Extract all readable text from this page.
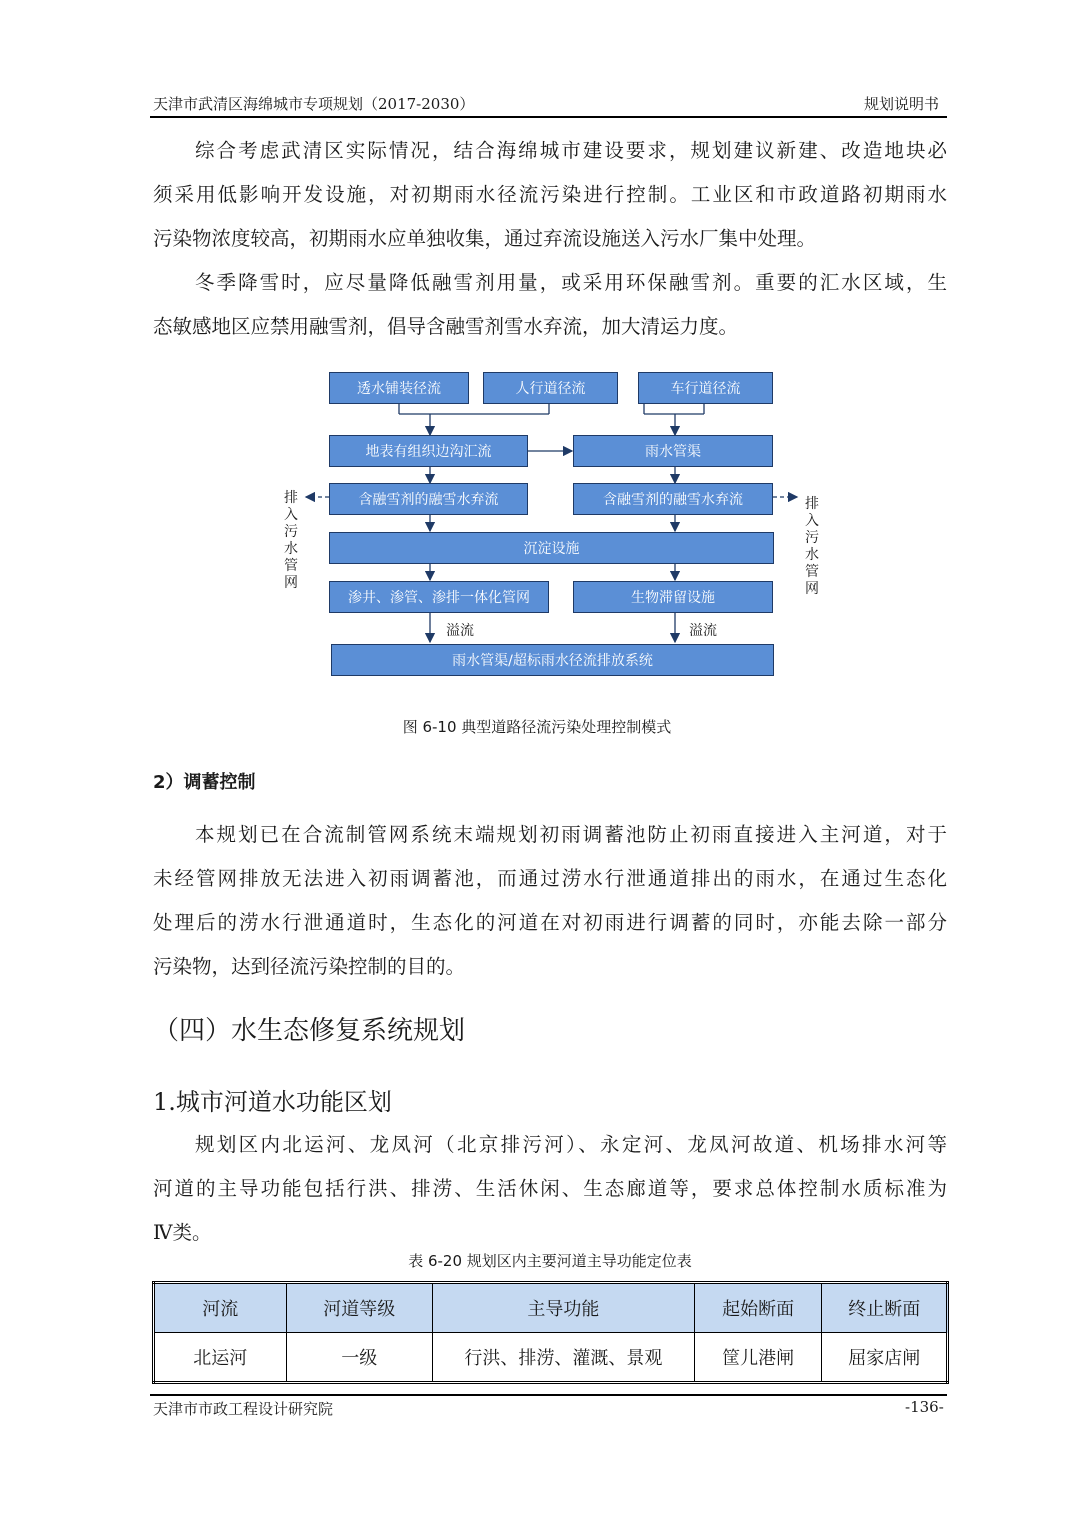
天津市武清区海绵城市专项规划（2017-2030）	规划说明书
综合考虑武清区实际情况，结合海绵城市建设要求，规划建议新建、改造地块必
须采用低影响开发设施，对初期雨水径流污染进行控制。工业区和市政道路初期雨水
污染物浓度较高，初期雨水应单独收集，通过弃流设施送入污水厂集中处理。
冬季降雪时，应尽量降低融雪剂用量，或采用环保融雪剂。重要的汇水区域，生
态敏感地区应禁用融雪剂，倡导含融雪剂雪水弃流，加大清运力度。
透水铺装径流	人行道径流	车行道径流
地表有组织边沟汇流	雨水管渠
含融雪剂的融雪水弃流	含融雪剂的融雪水弃流
排
入
污
水
管
网
排
入
污
水
管
网
沉淀设施
渗井、渗管、渗排一体化管网	生物滞留设施
溢流	溢流
雨水管渠/超标雨水径流排放系统
图 6-10 典型道路径流污染处理控制模式
2）调蓄控制
本规划已在合流制管网系统末端规划初雨调蓄池防止初雨直接进入主河道，对于
未经管网排放无法进入初雨调蓄池，而通过涝水行泄通道排出的雨水，在通过生态化
处理后的涝水行泄通道时，生态化的河道在对初雨进行调蓄的同时，亦能去除一部分
污染物，达到径流污染控制的目的。
（四）水生态修复系统规划
1.城市河道水功能区划
规划区内北运河、龙凤河（北京排污河）、永定河、龙凤河故道、机场排水河等
河道的主导功能包括行洪、排涝、生活休闲、生态廊道等，要求总体控制水质标准为
Ⅳ类。
表 6-20 规划区内主要河道主导功能定位表
河流	河道等级	主导功能	起始断面	终止断面
北运河	一级	行洪、排涝、灌溉、景观	筐儿港闸	屈家店闸
天津市市政工程设计研究院	-136-
